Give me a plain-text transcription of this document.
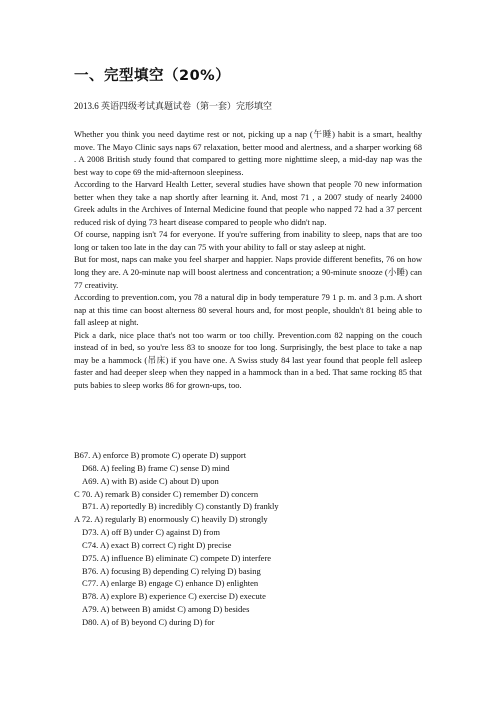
一、完型填空（20%）
2013.6 英语四级考试真题试卷（第一套）完形填空

Whether you think you need daytime rest or not, picking up a nap (午睡) habit is a smart, healthy move. The Mayo Clinic says naps 67 relaxation, better mood and alertness, and a sharper working 68 . A 2008 British study found that compared to getting more nighttime sleep, a mid-day nap was the best way to cope 69 the mid-afternoon sleepiness.

According to the Harvard Health Letter, several studies have shown that people 70 new information better when they take a nap shortly after learning it. And, most 71 , a 2007 study of nearly 24000 Greek adults in the Archives of Internal Medicine found that people who napped 72 had a 37 percent reduced risk of dying 73 heart disease compared to people who didn't nap.

Of course, napping isn't 74 for everyone. If you're suffering from inability to sleep, naps that are too long or taken too late in the day can 75 with your ability to fall or stay asleep at night.

But for most, naps can make you feel sharper and happier. Naps provide different benefits, 76 on how long they are. A 20-minute nap will boost alertness and concentration; a 90-minute snooze (小睡) can 77 creativity.

According to prevention.com, you 78 a natural dip in body temperature 79 1 p. m. and 3 p.m. A short nap at this time can boost alterness 80 several hours and, for most people, shouldn't 81 being able to fall asleep at night.

Pick a dark, nice place that's not too warm or too chilly. Prevention.com 82 napping on the couch instead of in bed, so you're less 83 to snooze for too long. Surprisingly, the best place to take a nap may be a hammock (吊床) if you have one. A Swiss study 84 last year found that people fell asleep faster and had deeper sleep when they napped in a hammock than in a bed. That same rocking 85 that puts babies to sleep works 86 for grown-ups, too.

B67. A) enforce B) promote C) operate D) support
D68. A) feeling B) frame C) sense D) mind
A69. A) with B) aside C) about D) upon
C 70. A) remark B) consider C) remember D) concern
B71. A) reportedly B) incredibly C) constantly D) frankly
A 72. A) regularly B) enormously C) heavily D) strongly
D73. A) off B) under C) against D) from
C74. A) exact B) correct C) right D) precise
D75. A) influence B) eliminate C) compete D) interfere
B76. A) focusing B) depending C) relying D) basing
C77. A) enlarge B) engage C) enhance D) enlighten
B78. A) explore B) experience C) exercise D) execute
A79. A) between B) amidst C) among D) besides
D80. A) of B) beyond C) during D) for
